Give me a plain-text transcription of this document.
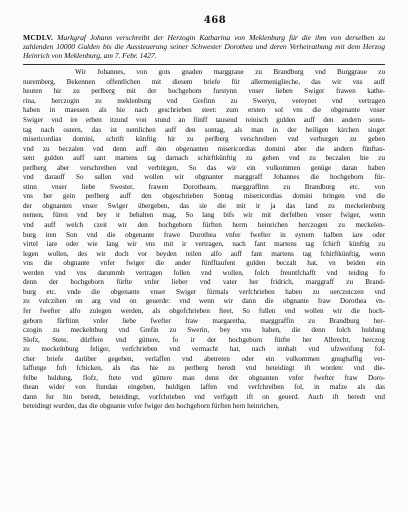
468
MCDLV. Markgraf Johann verschreibt der Herzogin Katharina von Meklenburg für die ihm von derselben zu zahlenden 10000 Gulden bis die Aussteuerung seiner Schwester Dorothea und deren Verheirathung mit dem Herzog Heinrich von Meklenburg, am 7. Febr. 1427.
Wir Johannes, von gots gnaden marggraue zu Brandburg vnd Burggraue zu
nuremberg, Bekennen offentlichen mit diesem briefe für allermeniglieche, das wir vns auff
heuten hir zu perlberg mit der hochgeborn furstynn vnser lieben Swiger frawen kathe-
rina, herczogin zu meklenburg vnd Grefinn zu Sweryn, vereynet vnd vertragen
haben in maessen als hie nach geschrieben steet: zum ersten sol vns die obgenante vnser
Swiger vnd ire erben itzund von stund an fünff tausend reinisch gulden auff den andern sonn-
tag nach ostern, das ist nemlichen auff den sontag, als man in der heiligen kirchen singet
misericordias domini, schrift künftig hir zu perlberg verschreiben vnd verburgen zu geben
vnd zu beczalen vnd denn auff den obgenanten misericordias domini aber die andern fünftau-
sent gulden auff sant martens tag darnach schirftkünftig zu geben vnd zu beczalen hie zu
perlberg aber verschreiben vnd verbürgen, So das wir ein vulkommen genüge daran haben
vnd darauff So sullen vnd wollen wir obgnanter marggraff Johannes die hochgeborn für-
stinn vnser liebe Swester, frawen Dorotheam, marggraffinn zu Brandburg etc. von
vns her gein perlberg auff den obgeschrieben Sontag misericordias domini bringen vnd die
der obgnanten vnser Swiger übergeben, das sie die mit ir ja das land zu meckelenburg
nemen, füren vnd bey ir behalten mag, So lang bifs wir mit derfelben vnser fwiger, wenn
vnd auff welch czeit wir den hochgeborn fürften herrn heinrichen herczogen zu meckelen-
burg iren Son vnd die obgenante frawe Dorothea vnfer fwefter in eynem halben iare oder
virtel iare oder wie lang wir vns mit ir vertragen, nach fant martens tag fchirft künftig zu
legen wollen, des wir doch vor beyden teilen alfo auff fant martens tag fchirftkünftig, wenn
vns die obgnante vnfer fwiger die ander fünfftaufent gulden beczalt hat, vn beiden ein
werden vnd vns darummb vertragen follen vnd wollen, folch freuntfchafft vnd teiding fo
denn der hochgeborn fürfte vnfer lieber vnd vater her fridrich, marggraff zu Brand-
burg etc. vnde die obgenante vnser Swiger fürmals verfchrieben haben zu uerczutczen vnd
zu vulczihen on arg vnd on geuerde: vnd wenn wir dann die obgnante fraw Dorothea vn-
fer fwefter alfo zulegen werden, als obgefchrieben fteet, So fullen vnd wollen wir die hoch-
geborn fürftinn vnfer liebe fwefter fraw margaretha, marggraffin zu Brandburg her-
czogin zu meckelnburg vnd Grefin zu Swerin, bey vns haben, die denn folch huldung
Slofz, Stete, dürffere vnd güttere, fo ir der hochgeborn fürfte her Albrecht, herczog
zu meckelnburg feliger, verfchrieben vnd vermacht hat, nach innhalt vnd ufzweifung fol-
cher briefe darüber gegeben, verlaffen vnd abetreten oder ein vulkommen gnughaffig ver-
laffunge fuft fchicken, als das hie zu perlberg beredt vnd beteidingt ift worden: vnd die-
felbe huldung, flofz, ftete vnd güttere man denn der obgnanten vnfer fwefter fraw Doro-
thean wider von ftundan eingeben, huldigen laffen vnd verfchreiben fol, in mafze als das
dann fur hin beredt, beteidingt, vorfchrieben vnd verfigelt ift on geuerd. Auch ift beredt vnd
beteidingt wurden, das die obgnante vnfer fwiger den hochgeborn fürften hern heinrichen,
